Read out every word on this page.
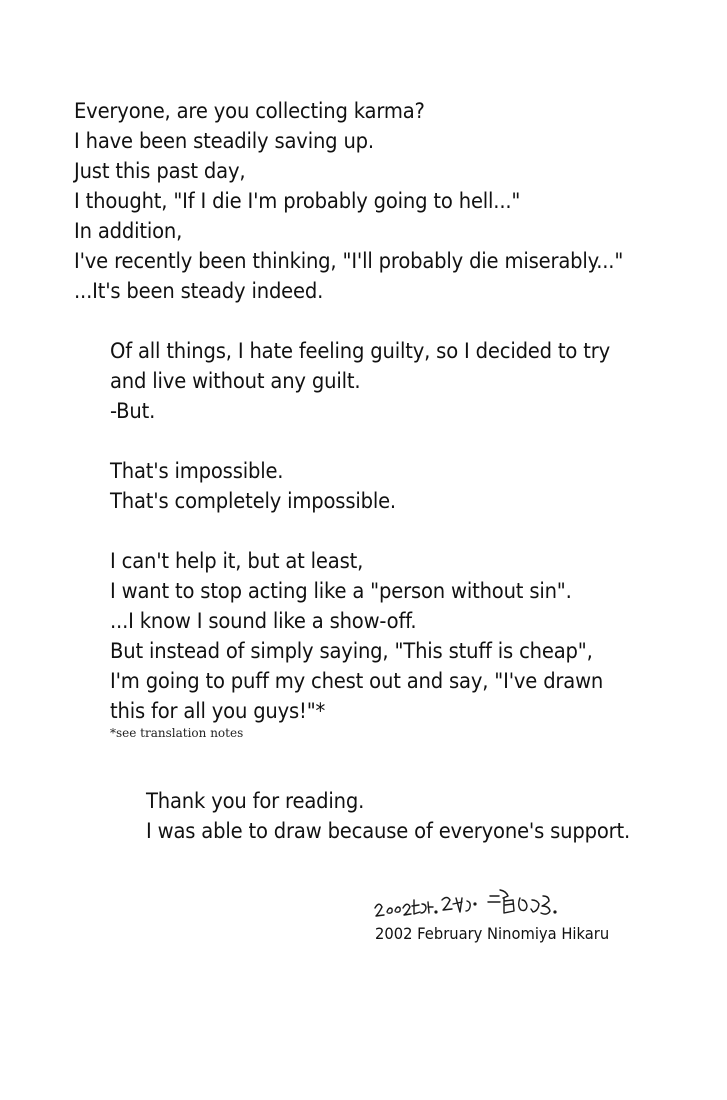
Everyone, are you collecting karma?
I have been steadily saving up.
Just this past day,
I thought, "If I die I'm probably going to hell..."
In addition,
I've recently been thinking, "I'll probably die miserably..."
...It's been steady indeed.
Of all things, I hate feeling guilty, so I decided to try
and live without any guilt.
-But.
That's impossible.
That's completely impossible.
I can't help it, but at least,
I want to stop acting like a "person without sin".
...I know I sound like a show-off.
But instead of simply saying, "This stuff is cheap",
I'm going to puff my chest out and say, "I've drawn
this for all you guys!"*
*see translation notes
Thank you for reading.
I was able to draw because of everyone's support.
2002 February Ninomiya Hikaru
